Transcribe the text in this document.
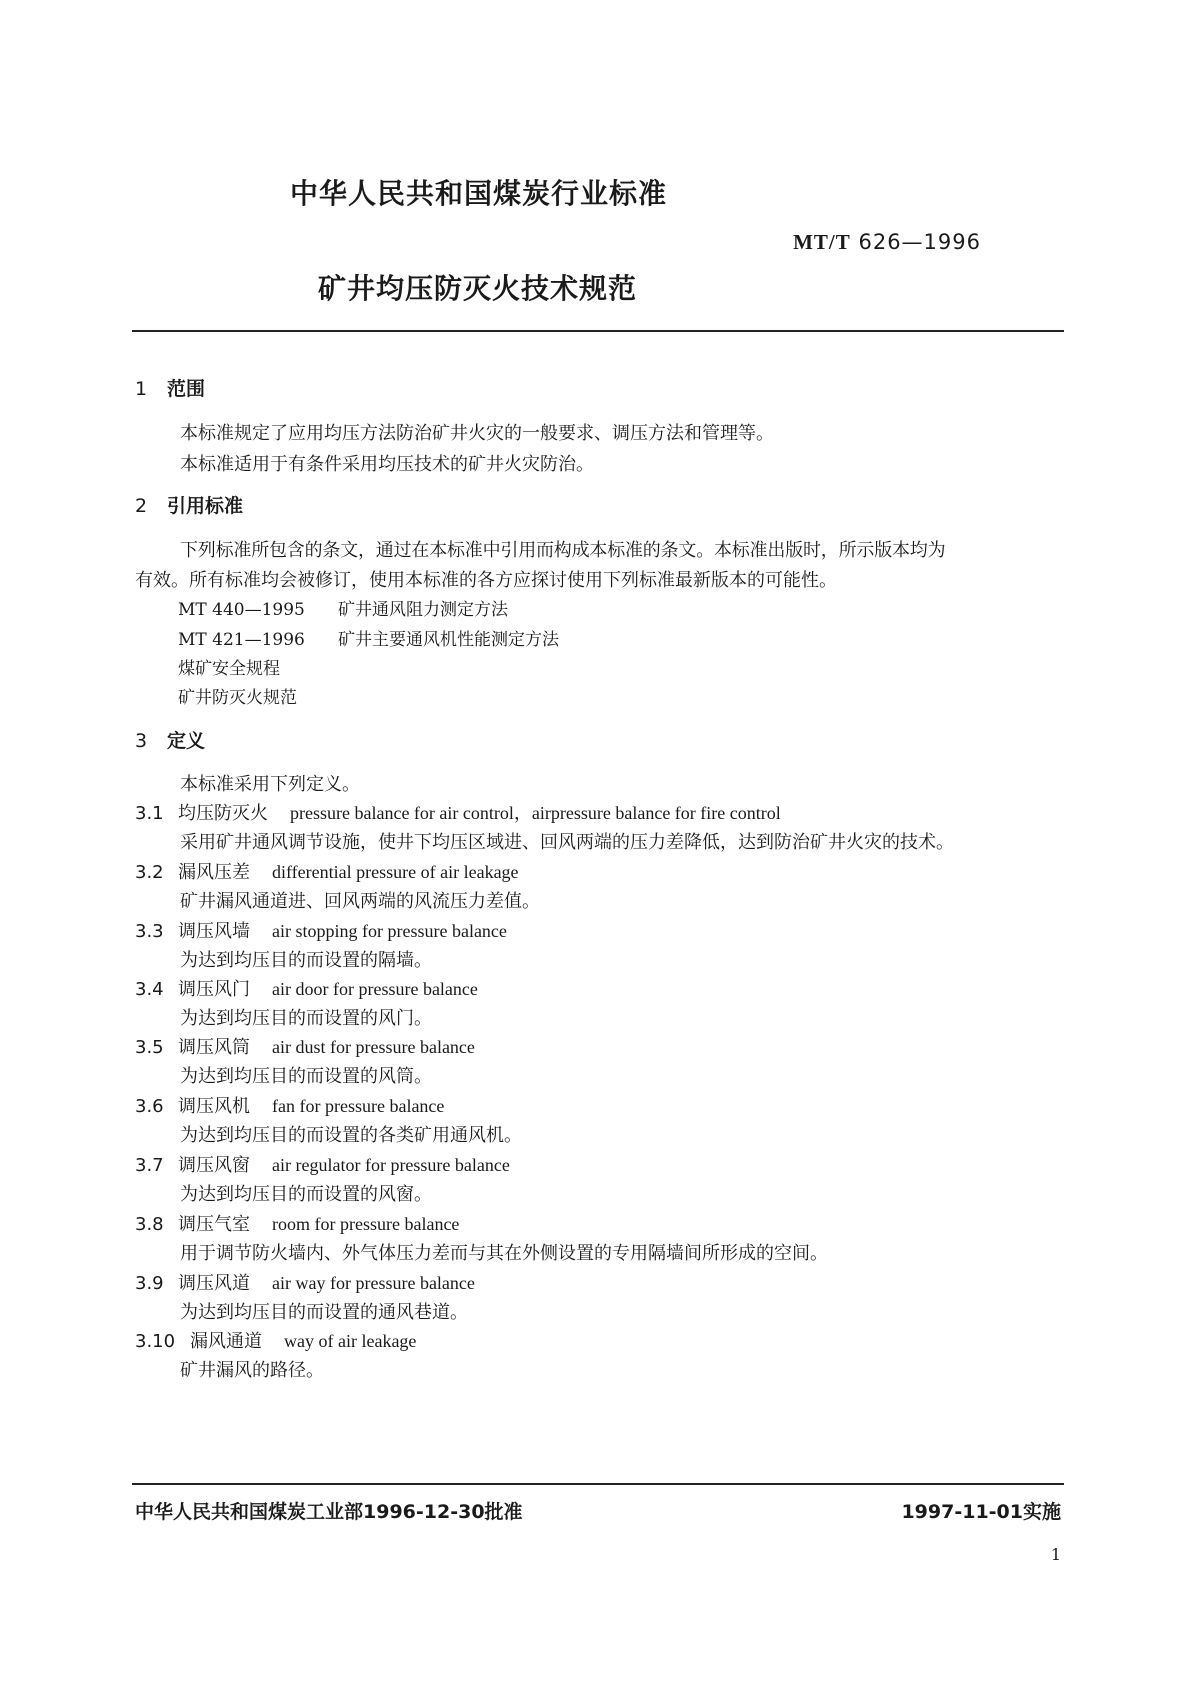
中华人民共和国煤炭行业标准
MT/T 626—1996
矿井均压防灭火技术规范
1 范围
本标准规定了应用均压方法防治矿井火灾的一般要求、调压方法和管理等。
本标准适用于有条件采用均压技术的矿井火灾防治。
2 引用标准
下列标准所包含的条文，通过在本标准中引用而构成本标准的条文。本标准出版时，所示版本均为
有效。所有标准均会被修订，使用本标准的各方应探讨使用下列标准最新版本的可能性。
MT 440—1995 矿井通风阻力测定方法
MT 421—1996 矿井主要通风机性能测定方法
煤矿安全规程
矿井防灭火规范
3 定义
本标准采用下列定义。
3.1 均压防灭火 pressure balance for air control，airpressure balance for fire control
采用矿井通风调节设施，使井下均压区域进、回风两端的压力差降低，达到防治矿井火灾的技术。
3.2 漏风压差 differential pressure of air leakage
矿井漏风通道进、回风两端的风流压力差值。
3.3 调压风墙 air stopping for pressure balance
为达到均压目的而设置的隔墙。
3.4 调压风门 air door for pressure balance
为达到均压目的而设置的风门。
3.5 调压风筒 air dust for pressure balance
为达到均压目的而设置的风筒。
3.6 调压风机 fan for pressure balance
为达到均压目的而设置的各类矿用通风机。
3.7 调压风窗 air regulator for pressure balance
为达到均压目的而设置的风窗。
3.8 调压气室 room for pressure balance
用于调节防火墙内、外气体压力差而与其在外侧设置的专用隔墙间所形成的空间。
3.9 调压风道 air way for pressure balance
为达到均压目的而设置的通风巷道。
3.10 漏风通道 way of air leakage
矿井漏风的路径。
中华人民共和国煤炭工业部1996-12-30批准	1997-11-01实施
1
